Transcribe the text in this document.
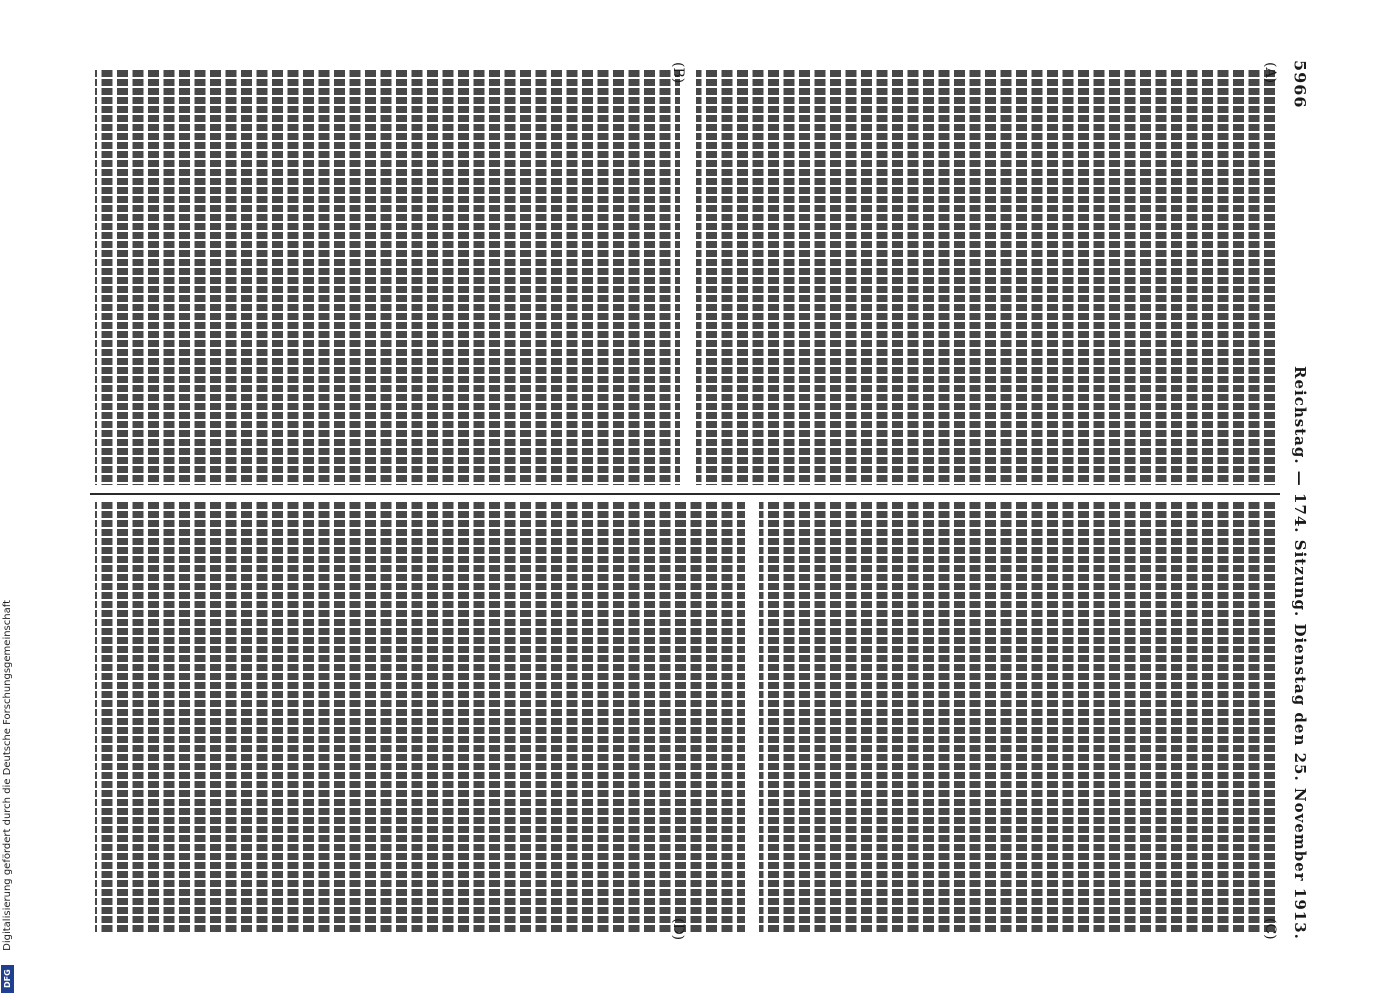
5966
Reichstag. — 174. Sitzung. Dienstag den 25. November 1913.
(A)
(B)
(C)
(D)
Digitalisierung gefördert durch die Deutsche Forschungsgemeinschaft
DFG
